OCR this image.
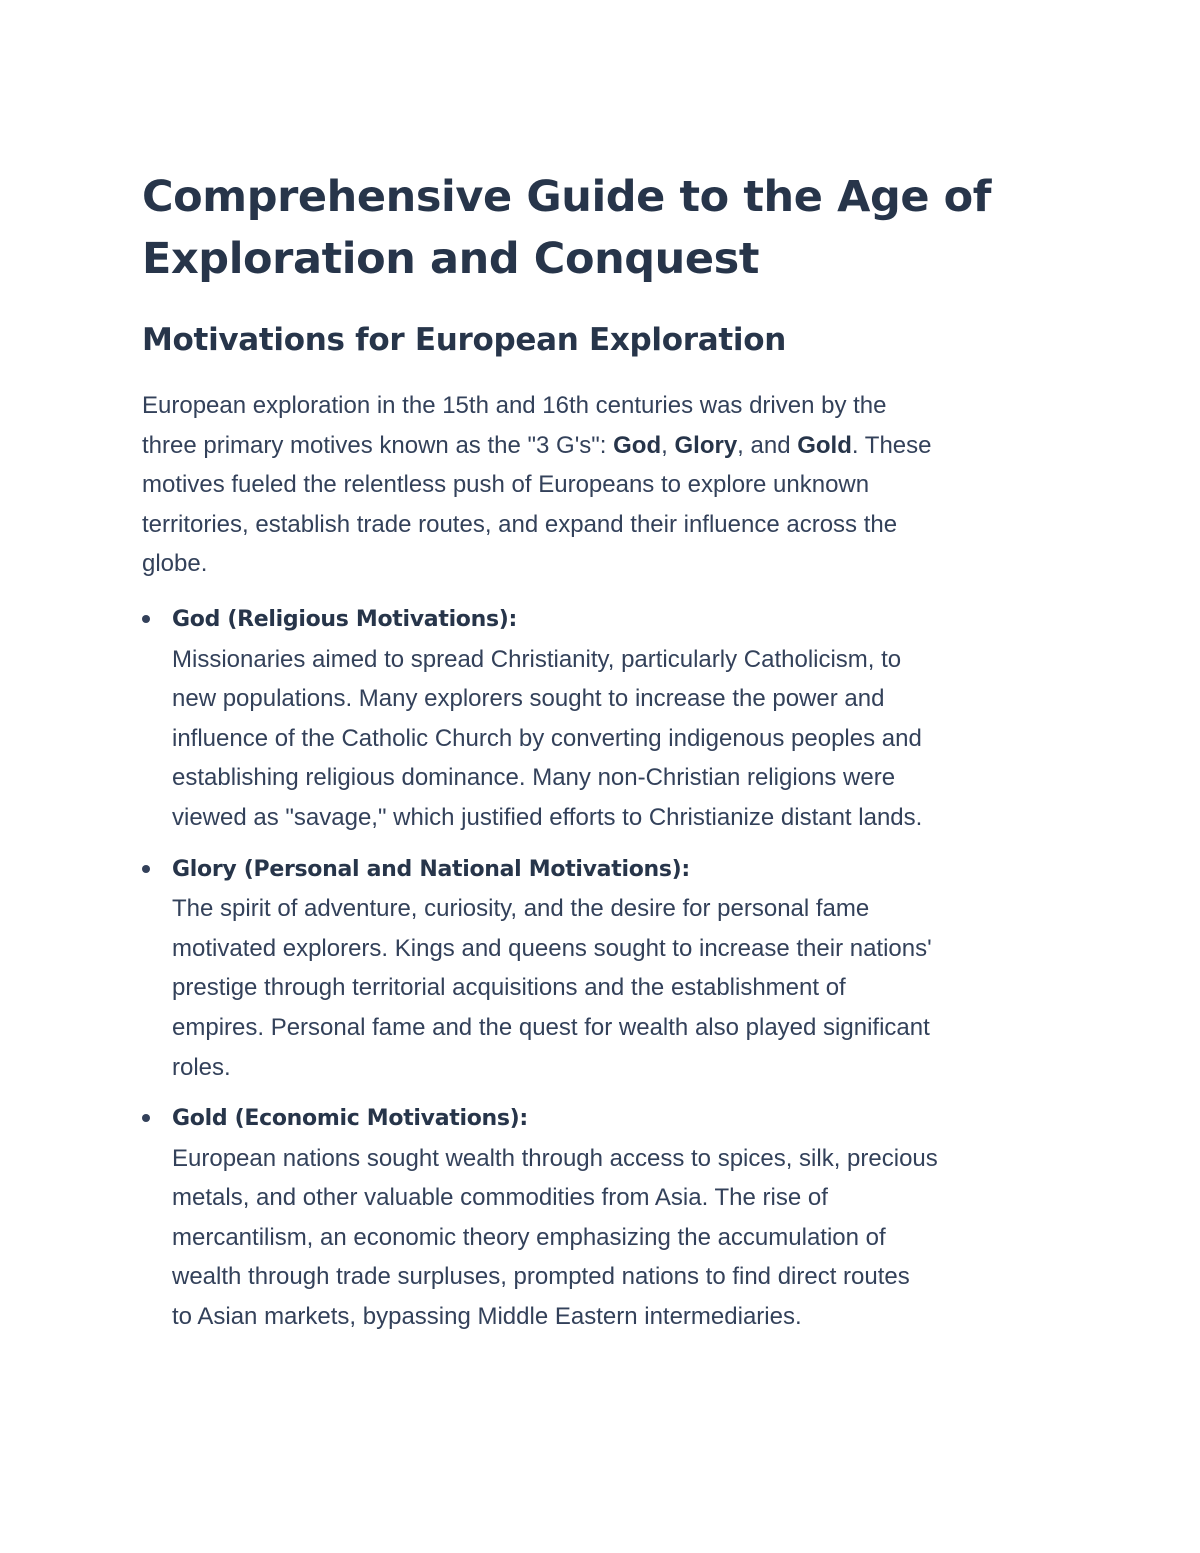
Comprehensive Guide to the Age of
Exploration and Conquest
Motivations for European Exploration

European exploration in the 15th and 16th centuries was driven by the
three primary motives known as the "3 G's": God, Glory, and Gold. These
motives fueled the relentless push of Europeans to explore unknown
territories, establish trade routes, and expand their influence across the
globe.

God (Religious Motivations):
Missionaries aimed to spread Christianity, particularly Catholicism, to
new populations. Many explorers sought to increase the power and
influence of the Catholic Church by converting indigenous peoples and
establishing religious dominance. Many non-Christian religions were
viewed as "savage," which justified efforts to Christianize distant lands.
Glory (Personal and National Motivations):
The spirit of adventure, curiosity, and the desire for personal fame
motivated explorers. Kings and queens sought to increase their nations'
prestige through territorial acquisitions and the establishment of
empires. Personal fame and the quest for wealth also played significant
roles.
Gold (Economic Motivations):
European nations sought wealth through access to spices, silk, precious
metals, and other valuable commodities from Asia. The rise of
mercantilism, an economic theory emphasizing the accumulation of
wealth through trade surpluses, prompted nations to find direct routes
to Asian markets, bypassing Middle Eastern intermediaries.
